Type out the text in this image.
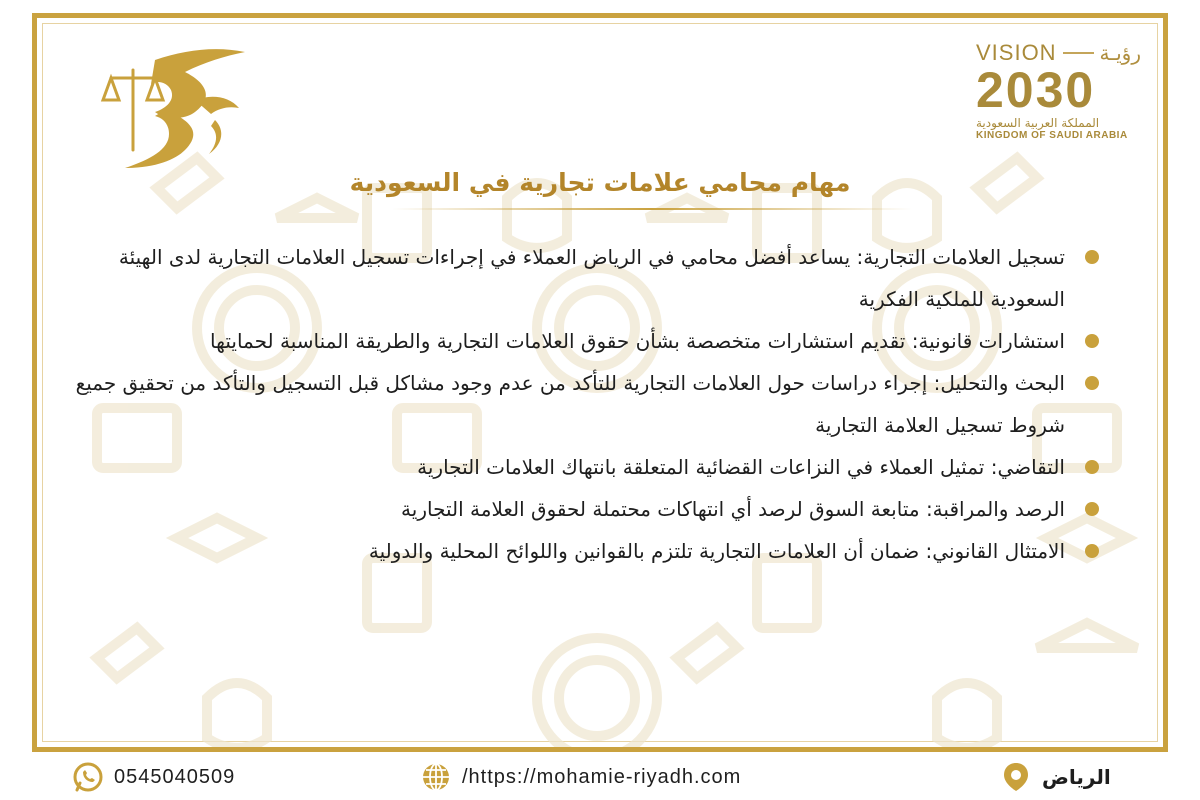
VISION رؤيـة
2030
المملكة العربية السعودية
KINGDOM OF SAUDI ARABIA
مهام محامي علامات تجارية في السعودية
تسجيل العلامات التجارية: يساعد أفضل محامي في الرياض العملاء في إجراءات تسجيل العلامات التجارية لدى الهيئة السعودية للملكية الفكرية
استشارات قانونية: تقديم استشارات متخصصة بشأن حقوق العلامات التجارية والطريقة المناسبة لحمايتها
البحث والتحليل: إجراء دراسات حول العلامات التجارية للتأكد من عدم وجود مشاكل قبل التسجيل والتأكد من تحقيق جميع شروط تسجيل العلامة التجارية
التقاضي: تمثيل العملاء في النزاعات القضائية المتعلقة بانتهاك العلامات التجارية
الرصد والمراقبة: متابعة السوق لرصد أي انتهاكات محتملة لحقوق العلامة التجارية
الامتثال القانوني: ضمان أن العلامات التجارية تلتزم بالقوانين واللوائح المحلية والدولية
0545040509	/https://mohamie-riyadh.com	الرياض
